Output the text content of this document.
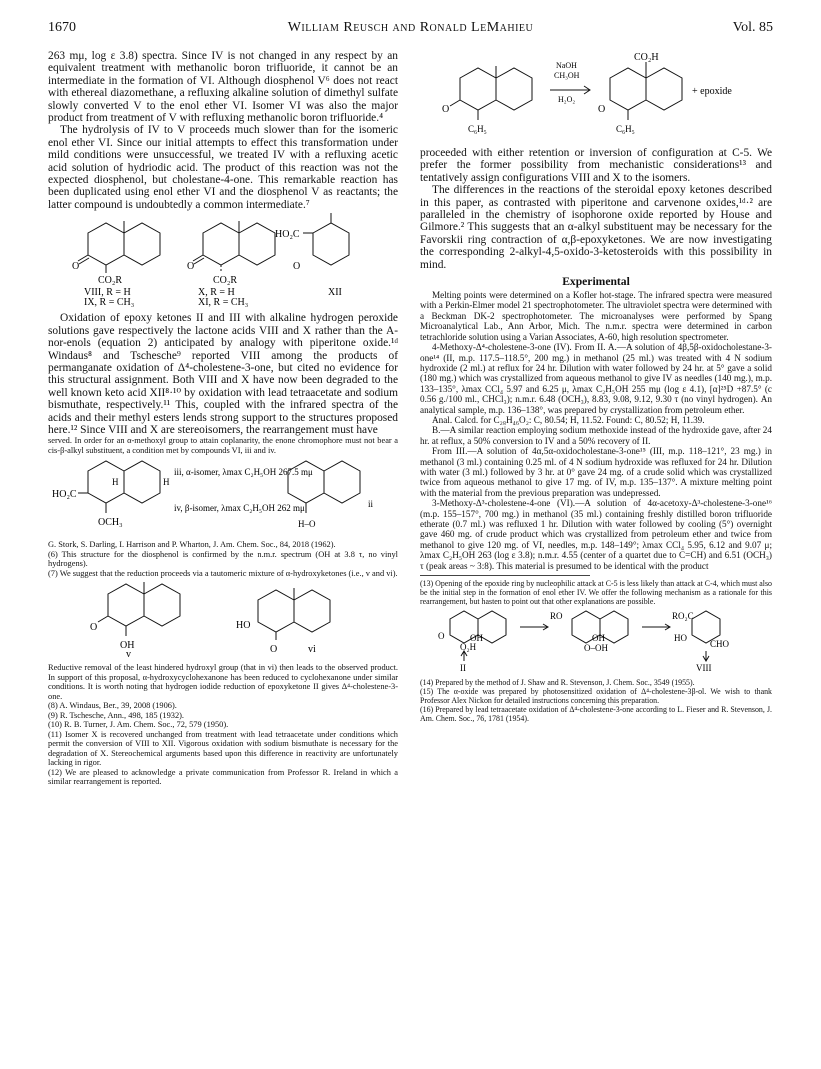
1670	William Reusch and Ronald LeMahieu	Vol. 85

263 mμ, log ε 3.8) spectra. Since IV is not changed in any respect by an equivalent treatment with methanolic boron trifluoride, it cannot be an intermediate in the formation of VI. Although diosphenol V⁶ does not react with ethereal diazomethane, a refluxing alkaline solution of dimethyl sulfate slowly converted V to the enol ether VI. Isomer VI was also the major product from treatment of V with refluxing methanolic boron trifluoride.⁴

The hydrolysis of IV to V proceeds much slower than for the isomeric enol ether VI. Since our initial attempts to effect this transformation under mild conditions were unsuccessful, we treated IV with a refluxing acetic acid solution of hydriodic acid. The product of this reaction was not the expected diosphenol, but cholestane-4-one. This remarkable reaction has been duplicated using enol ether VI and the diosphenol V as reactants; the latter compound is undoubtedly a common intermediate.⁷

O
CO₂R
VIII, R = H
IX, R = CH₃
O
CO₂R
X, R = H
XI, R = CH₃
HO₂C
O
XII

Oxidation of epoxy ketones II and III with alkaline hydrogen peroxide solutions gave respectively the lactone acids VIII and X rather than the A-nor-enols (equation 2) anticipated by analogy with piperitone oxide.¹ᵈ Windaus⁸ and Tschesche⁹ reported VIII among the products of permanganate oxidation of Δ⁴-cholestene-3-one, but cited no evidence for this structural assignment. Both VIII and X have now been degraded to the well known keto acid XII⁸·¹⁰ by oxidation with lead tetraacetate and sodium bismuthate, respectively.¹¹ This, coupled with the infrared spectra of the acids and their methyl esters lends strong support to the structures proposed here.¹² Since VIII and X are stereoisomers, the rearrangement must have

served. In order for an α-methoxyl group to attain coplanarity, the enone chromophore must not bear a cis-β-alkyl substituent, a condition met by compounds VI, iii and iv.

HO₂C
OCH₃
H	H
iii, α-isomer, λmax C₂H₅OH 267.5 mμ
iv, β-isomer, λmax C₂H₅OH 262 mμ
H–O
ii

G. Stork, S. Darling, I. Harrison and P. Wharton, J. Am. Chem. Soc., 84, 2018 (1962).

(6) This structure for the diosphenol is confirmed by the n.m.r. spectrum (OH at 3.8 τ, no vinyl hydrogens).

(7) We suggest that the reduction proceeds via a tautomeric mixture of α-hydroxyketones (i.e., v and vi).

O
OH
v
HO
O	vi

Reductive removal of the least hindered hydroxyl group (that in vi) then leads to the observed product. In support of this proposal, α-hydroxycyclohexanone has been reduced to cyclohexanone under similar conditions. It is worth noting that hydrogen iodide reduction of epoxyketone II gives Δ⁴-cholestene-3-one.

(8) A. Windaus, Ber., 39, 2008 (1906).

(9) R. Tschesche, Ann., 498, 185 (1932).

(10) R. B. Turner, J. Am. Chem. Soc., 72, 579 (1950).

(11) Isomer X is recovered unchanged from treatment with lead tetraacetate under conditions which permit the conversion of VIII to XII. Vigorous oxidation with sodium bismuthate is necessary for the degradation of X. Stereochemical arguments based upon this difference in reactivity are unfortunately lacking in rigor.

(12) We are pleased to acknowledge a private communication from Professor R. Ireland in which a similar rearrangement is reported.

O
C₆H₅
NaOH
CH₃OH
H₂O₂
CO₂H
O
C₆H₅
+ epoxide

proceeded with either retention or inversion of configuration at C-5. We prefer the former possibility from mechanistic considerations¹³ and tentatively assign configurations VIII and X to the isomers.

The differences in the reactions of the steroidal epoxy ketones described in this paper, as contrasted with piperitone and carvenone oxides,¹ᵈ·² are paralleled in the chemistry of isophorone oxide reported by House and Gilmore.² This suggests that an α-alkyl substituent may be necessary for the Favorskii ring contraction of α,β-epoxyketones. We are now investigating the corresponding 2-alkyl-4,5-oxido-3-ketosteroids with this possibility in mind.

Experimental

Melting points were determined on a Kofler hot-stage. The infrared spectra were measured with a Perkin-Elmer model 21 spectrophotometer. The ultraviolet spectra were determined with a Beckman DK-2 spectrophotometer. The microanalyses were performed by Spang Microanalytical Lab., Ann Arbor, Mich. The n.m.r. spectra were determined in carbon tetrachloride solution using a Varian Associates, A-60, high resolution spectrometer.

4-Methoxy-Δ⁴-cholestene-3-one (IV). From II. A.—A solution of 4β,5β-oxidocholestane-3-one¹⁴ (II, m.p. 117.5–118.5°, 200 mg.) in methanol (25 ml.) was treated with 4 N sodium hydroxide (2 ml.) at reflux for 24 hr. Dilution with water followed by 24 hr. at 5° gave a solid (180 mg.) which was crystallized from aqueous methanol to give IV as needles (140 mg.), m.p. 133–135°, λmax CCl₄ 5.97 and 6.25 μ, λmax C₂H₅OH 255 mμ (log ε 4.1), [α]²⁵D +87.5° (c 0.56 g./100 ml., CHCl₃); n.m.r. 6.48 (OCH₃), 8.83, 9.08, 9.12, 9.30 τ (no vinyl hydrogen). An analytical sample, m.p. 136–138°, was prepared by crystallization from petroleum ether.

Anal. Calcd. for C₂₈H₄₆O₂: C, 80.54; H, 11.52. Found: C, 80.52; H, 11.39.

B.—A similar reaction employing sodium methoxide instead of the hydroxide gave, after 24 hr. at reflux, a 50% conversion to IV and a 50% recovery of II.

From III.—A solution of 4α,5α-oxidocholestane-3-one¹⁵ (III, m.p. 118–121°, 23 mg.) in methanol (3 ml.) containing 0.25 ml. of 4 N sodium hydroxide was refluxed for 24 hr. Dilution with water (3 ml.) followed by 3 hr. at 0° gave 24 mg. of a crude solid which was crystallized twice from aqueous methanol to give 17 mg. of IV, m.p. 135–137°. A mixture melting point with the material from the previous preparation was undepressed.

3-Methoxy-Δ³-cholestene-4-one (VI).—A solution of 4α-acetoxy-Δ³-cholestene-3-one¹⁶ (m.p. 155–157°, 700 mg.) in methanol (35 ml.) containing freshly distilled boron trifluoride etherate (0.7 ml.) was refluxed 1 hr. Dilution with water followed by cooling (5°) overnight gave 460 mg. of crude product which was crystallized from petroleum ether and twice from methanol to give 120 mg. of VI, needles, m.p. 148–149°; λmax CCl₄ 5.95, 6.12 and 9.07 μ; λmax C₂H₅OH 263 (log ε 3.8); n.m.r. 4.55 (center of a quartet due to C=CH) and 6.51 (OCH₃) τ (peak areas ~ 3:8). This material is presumed to be identical with the product

(13) Opening of the epoxide ring by nucleophilic attack at C-5 is less likely than attack at C-4, which must also be the initial step in the formation of enol ether IV. We offer the following mechanism as a rationale for this rearrangement, but hasten to point out that other explanations are possible.

O	OH
O₂H
II
RO
OH
O–OH
RO₂C
HO
CHO
VIII

(14) Prepared by the method of J. Shaw and R. Stevenson, J. Chem. Soc., 3549 (1955).

(15) The α-oxide was prepared by photosensitized oxidation of Δ⁴-cholestene-3β-ol. We wish to thank Professor Alex Nickon for detailed instructions concerning this preparation.

(16) Prepared by lead tetraacetate oxidation of Δ⁴-cholestene-3-one according to L. Fieser and R. Stevenson, J. Am. Chem. Soc., 76, 1781 (1954).
